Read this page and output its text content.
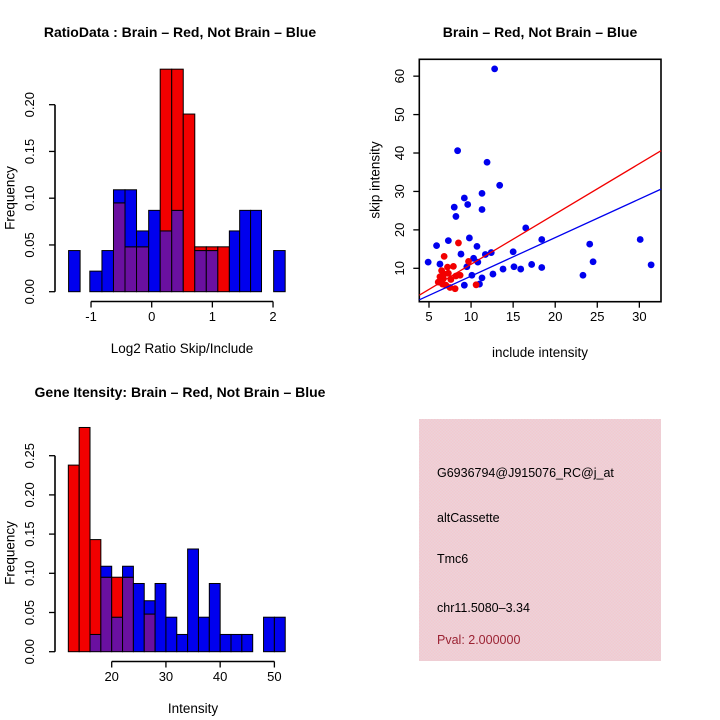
0.00
0.05
0.10
0.15
0.20
-1	0	1	2	5 10 15 20 25 30
10
20
30
40
50
60
0.00
0.05
0.10
0.15
0.20
0.25
20	30	40	50
RatioData : Brain – Red, Not Brain – Blue
Log2 Ratio Skip/Include
Frequency
Brain – Red, Not Brain – Blue
include intensity
skip intensity
Gene Itensity: Brain – Red, Not Brain – Blue
Intensity
Frequency
G6936794@J915076_RC@j_at
altCassette
Tmc6
chr11.5080–3.34
Pval: 2.000000
